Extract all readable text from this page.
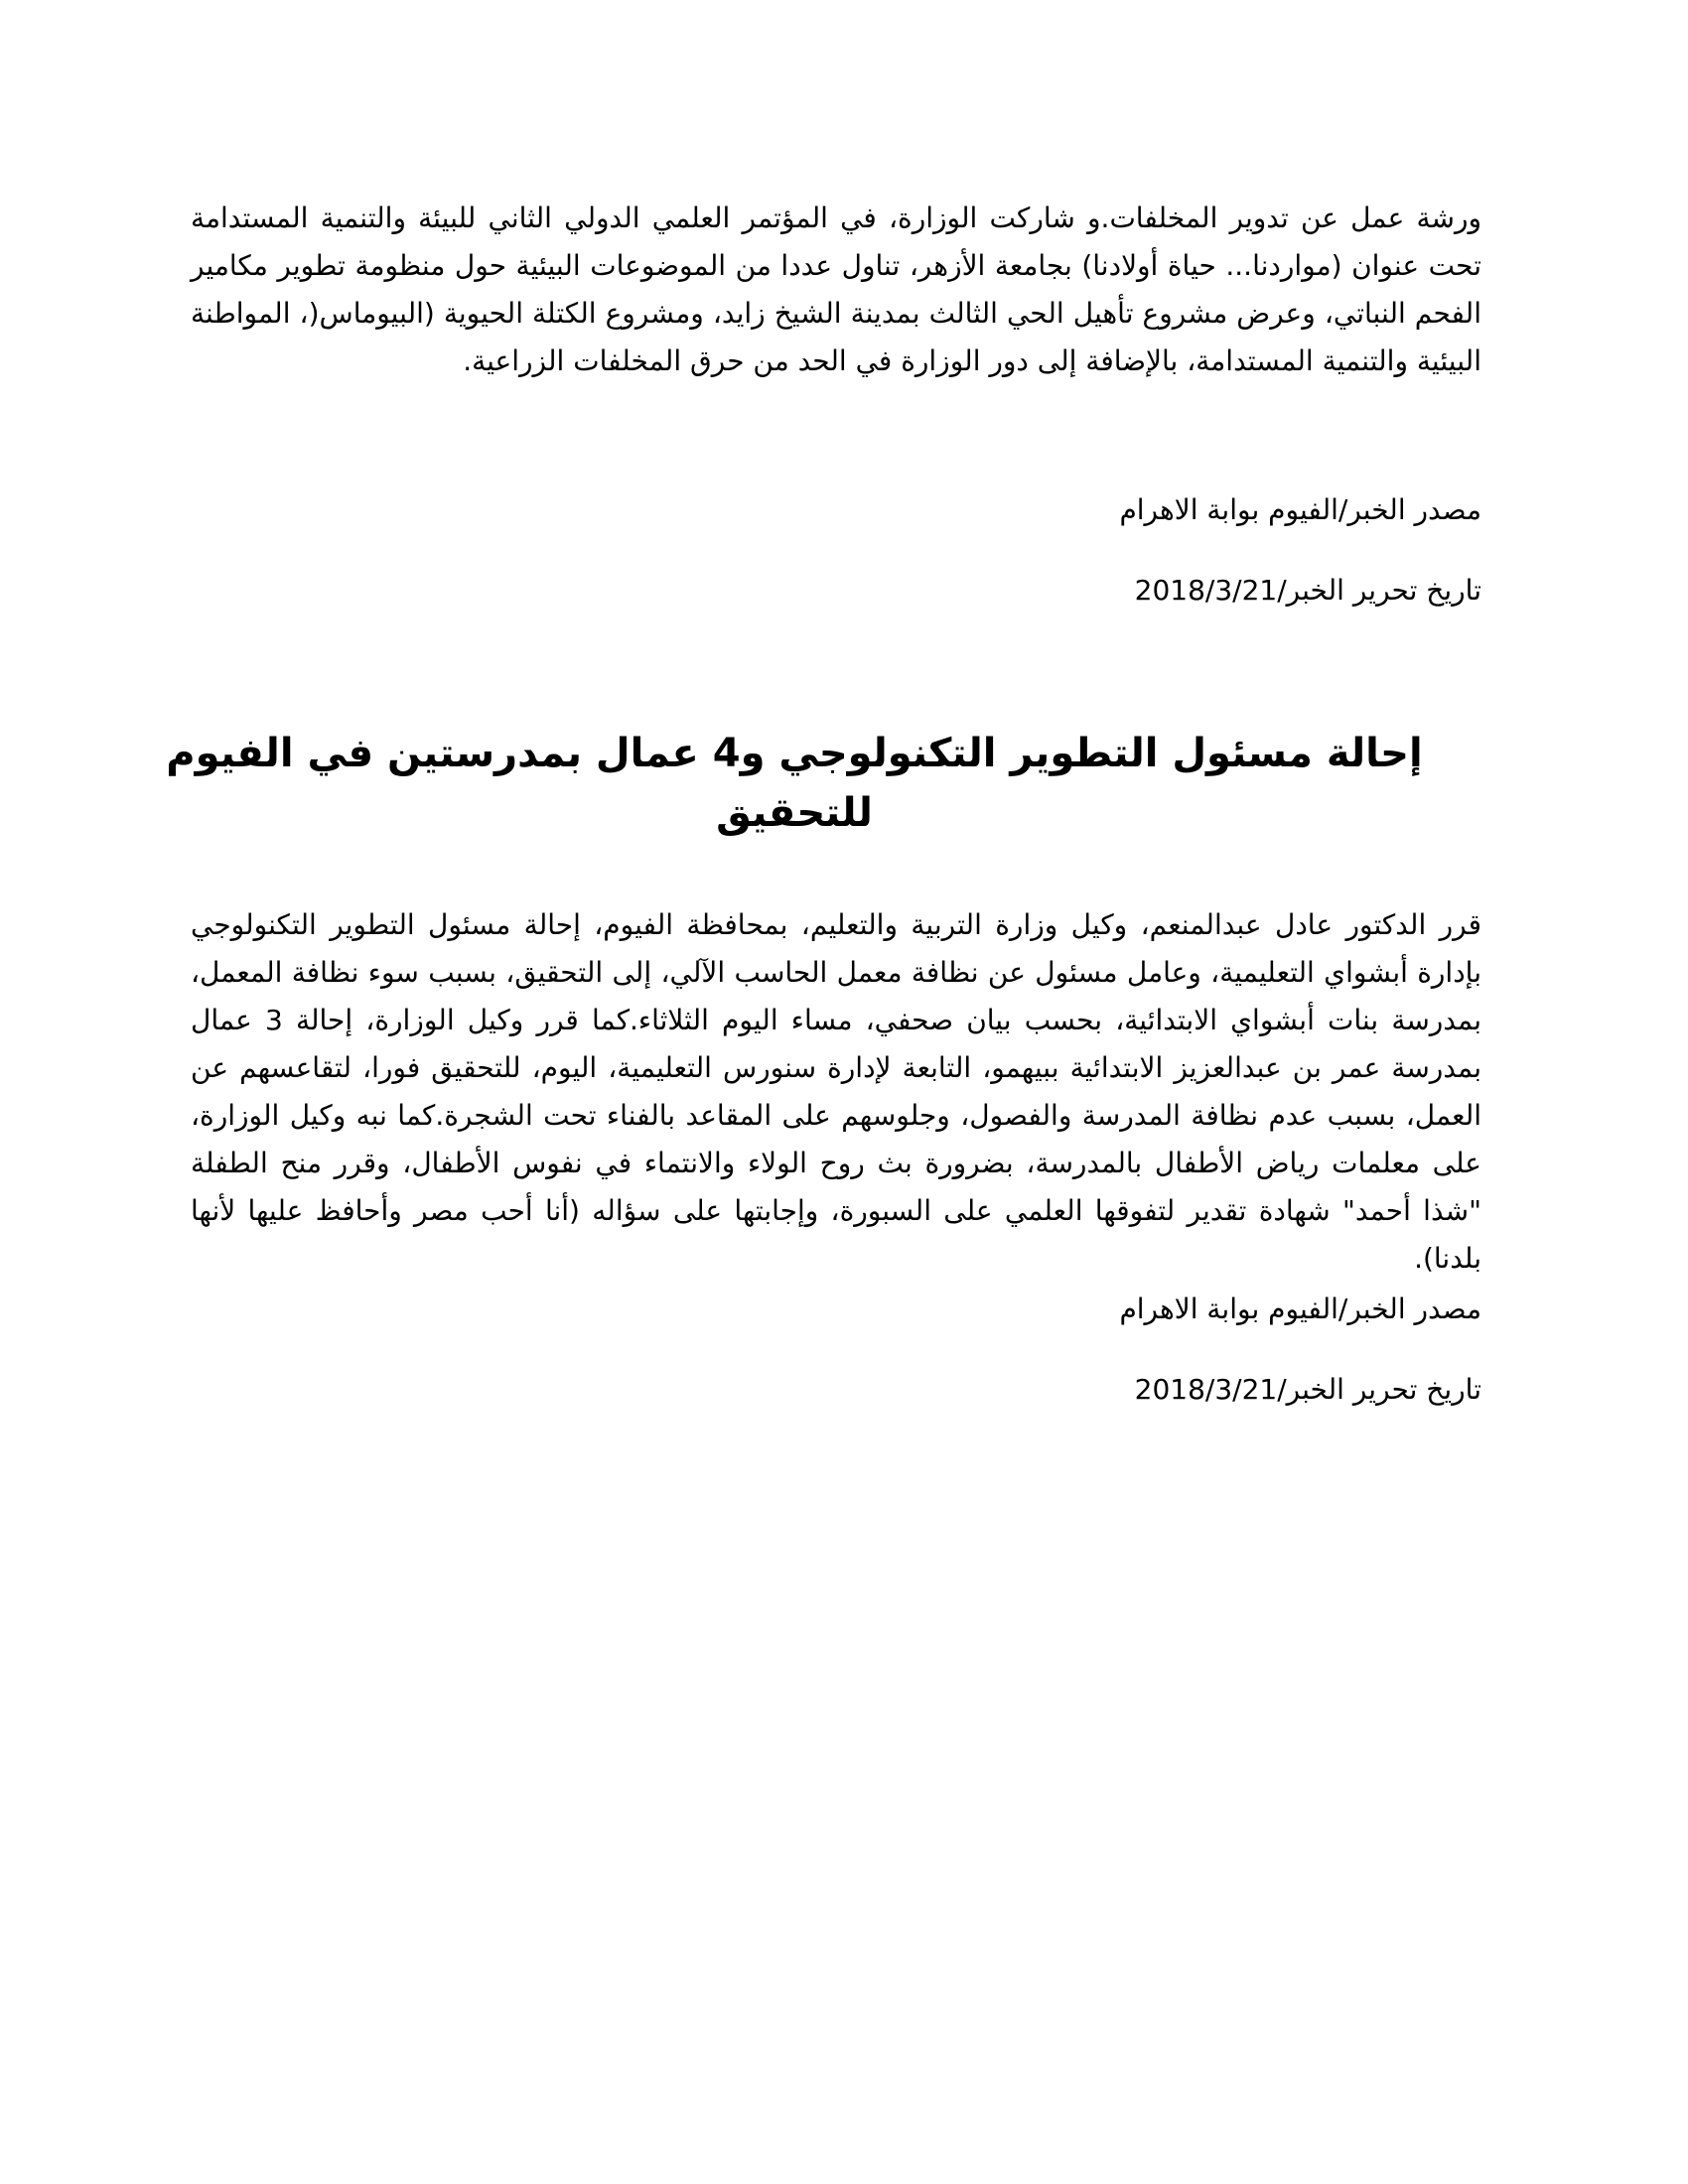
ورشة عمل عن تدوير المخلفات.و شاركت الوزارة، في المؤتمر العلمي الدولي الثاني للبيئة والتنمية المستدامة تحت عنوان (مواردنا... حياة أولادنا) بجامعة الأزهر، تناول عددا من الموضوعات البيئية حول منظومة تطوير مكامير الفحم النباتي، وعرض مشروع تأهيل الحي الثالث بمدينة الشيخ زايد، ومشروع الكتلة الحيوية (البيوماس(، المواطنة البيئية والتنمية المستدامة، بالإضافة إلى دور الوزارة في الحد من حرق المخلفات الزراعية.

مصدر الخبر/الفيوم بوابة الاهرام

تاريخ تحرير الخبر/2018/3/21

إحالة مسئول التطوير التكنولوجي و4 عمال بمدرستين في الفيوم للتحقيق

قرر الدكتور عادل عبدالمنعم، وكيل وزارة التربية والتعليم، بمحافظة الفيوم، إحالة مسئول التطوير التكنولوجي بإدارة أبشواي التعليمية، وعامل مسئول عن نظافة معمل الحاسب الآلي، إلى التحقيق، بسبب سوء نظافة المعمل، بمدرسة بنات أبشواي الابتدائية، بحسب بيان صحفي، مساء اليوم الثلاثاء.كما قرر وكيل الوزارة، إحالة 3 عمال بمدرسة عمر بن عبدالعزيز الابتدائية ببيهمو، التابعة لإدارة سنورس التعليمية، اليوم، للتحقيق فورا، لتقاعسهم عن العمل، بسبب عدم نظافة المدرسة والفصول، وجلوسهم على المقاعد بالفناء تحت الشجرة.كما نبه وكيل الوزارة، على معلمات رياض الأطفال بالمدرسة، بضرورة بث روح الولاء والانتماء في نفوس الأطفال، وقرر منح الطفلة "شذا أحمد" شهادة تقدير لتفوقها العلمي على السبورة، وإجابتها على سؤاله (أنا أحب مصر وأحافظ عليها لأنها بلدنا).

مصدر الخبر/الفيوم بوابة الاهرام

تاريخ تحرير الخبر/2018/3/21
